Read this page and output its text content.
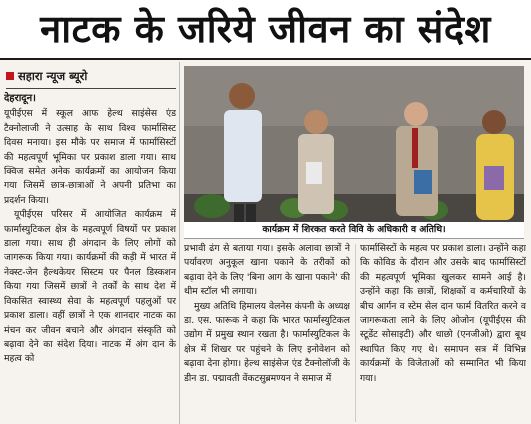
नाटक के जरिये जीवन का संदेश
सहारा न्यूज ब्यूरो
देहरादून।

यूपीईएस में स्कूल आफ हेल्थ साइंसेस एंड टैक्नोलाजी ने उत्साह के साथ विश्व फार्मासिस्ट दिवस मनाया। इस मौके पर समाज में फार्मासिस्टों की महत्वपूर्ण भूमिका पर प्रकाश डाला गया। साथ क्विज समेत अनेक कार्यक्रमों का आयोजन किया गया जिसमें छात्र-छात्राओं ने अपनी प्रतिभा का प्रदर्शन किया।

यूपीईएस परिसर में आयोजित कार्यक्रम में फार्मास्युटिकल क्षेत्र के महत्वपूर्ण विषयों पर प्रकाश डाला गया। साथ ही अंगदान के लिए लोगों को जागरूक किया गया। कार्यक्रमों की कड़ी में भारत में नेक्स्ट-जेन हैल्थकेयर सिस्टम पर पैनल डिस्कशन किया गया जिसमें छात्रों ने तर्कों के साथ देश में विकसित स्वास्थ्य सेवा के महत्वपूर्ण पहलुओं पर प्रकाश डाला। वहीं छात्रों ने एक शानदार नाटक का मंचन कर जीवन बचाने और अंगदान संस्कृति को बढ़ावा देने का संदेश दिया। नाटक में अंग दान के महत्व को

कार्यक्रम में शिरकत करते विवि के अधिकारी व अतिथि।

प्रभावी ढंग से बताया गया। इसके अलावा छात्रों ने पर्यावरण अनुकूल खाना पकाने के तरीकों को बढ़ावा देने के लिए 'बिना आग के खाना पकाने' की थीम स्टॉल भी लगाया।

मुख्य अतिथि हिमालय वेलनेस कंपनी के अध्यक्ष डा. एस. फारूक ने कहा कि भारत फार्मास्युटिकल उद्योग में प्रमुख स्थान रखता है। फार्मास्युटिकल के क्षेत्र में शिखर पर पहुंचने के लिए इनोवेशन को बढ़ावा देना होगा। हेल्थ साइंसेज एंड टैक्नोलॉजी के डीन डा. पद्मावती वेंकटसुब्रमण्यन ने समाज में

फार्मासिस्टों के महत्व पर प्रकाश डाला। उन्होंने कहा कि कोविड के दौरान और उसके बाद फार्मासिस्टों की महत्वपूर्ण भूमिका खुलकर सामने आई है। उन्होंने कहा कि छात्रों, शिक्षकों व कर्मचारियों के बीच आर्गन व स्टेम सेल दान फार्म वितरित करने व जागरूकता लाने के लिए ओजोन (यूपीईएस की स्टूडेंट सोसाइटी) और धाछो (एनजीओ) द्वारा बूथ स्थापित किए गए थे। समापन सत्र में विभिन्न कार्यक्रमों के विजेताओं को सम्मानित भी किया गया।
